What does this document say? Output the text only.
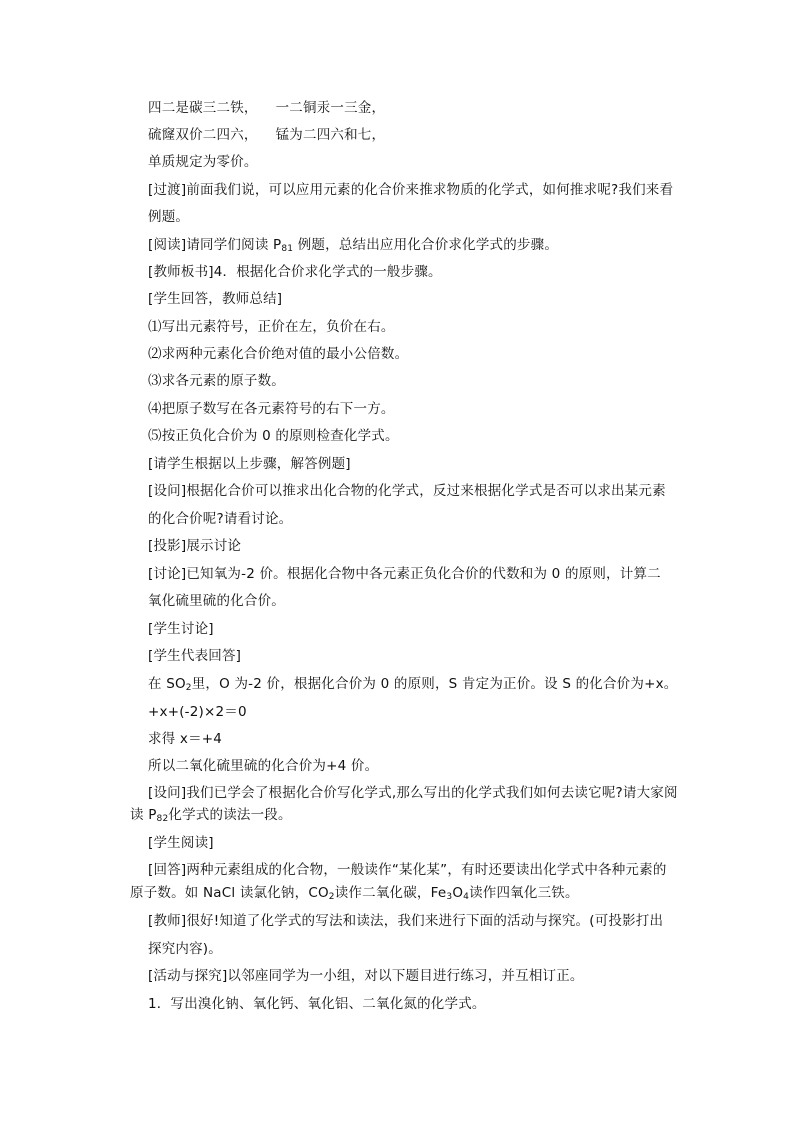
四二是碳三二铁， 一二铜汞一三金，
硫窿双价二四六， 锰为二四六和七，
单质规定为零价。
[过渡]前面我们说，可以应用元素的化合价来推求物质的化学式，如何推求呢?我们来看
例题。
[阅读]请同学们阅读 $P_{81}$ 例题，总结出应用化合价求化学式的步骤。
[教师板书]4．根据化合价求化学式的一般步骤。
[学生回答，教师总结]
⑴写出元素符号，正价在左，负价在右。
⑵求两种元素化合价绝对值的最小公倍数。
⑶求各元素的原子数。
⑷把原子数写在各元素符号的右下一方。
⑸按正负化合价为 0 的原则检查化学式。
[请学生根据以上步骤，解答例题]
[设问]根据化合价可以推求出化合物的化学式，反过来根据化学式是否可以求出某元素
的化合价呢?请看讨论。
[投影]展示讨论
[讨论]已知氧为-2 价。根据化合物中各元素正负化合价的代数和为 0 的原则，计算二
氧化硫里硫的化合价。
[学生讨论]
[学生代表回答]
在 $SO_2$里，O 为-2 价，根据化合价为 0 的原则，S 肯定为正价。设 S 的化合价为+x。
+x+(-2)×2＝0
求得 x＝+4
所以二氧化硫里硫的化合价为+4 价。
[设问]我们已学会了根据化合价写化学式,那么写出的化学式我们如何去读它呢?请大家阅
读 $P_{82}$化学式的读法一段。
[学生阅读]
[回答]两种元素组成的化合物，一般读作“某化某”，有时还要读出化学式中各种元素的
原子数。如 NaCl 读氯化钠，$CO_2$读作二氧化碳，$Fe_3O_4$读作四氧化三铁。
[教师]很好!知道了化学式的写法和读法，我们来进行下面的活动与探究。(可投影打出
探究内容)。
[活动与探究]以邻座同学为一小组，对以下题目进行练习，并互相订正。
1．写出溴化钠、氧化钙、氧化铝、二氧化氮的化学式。
